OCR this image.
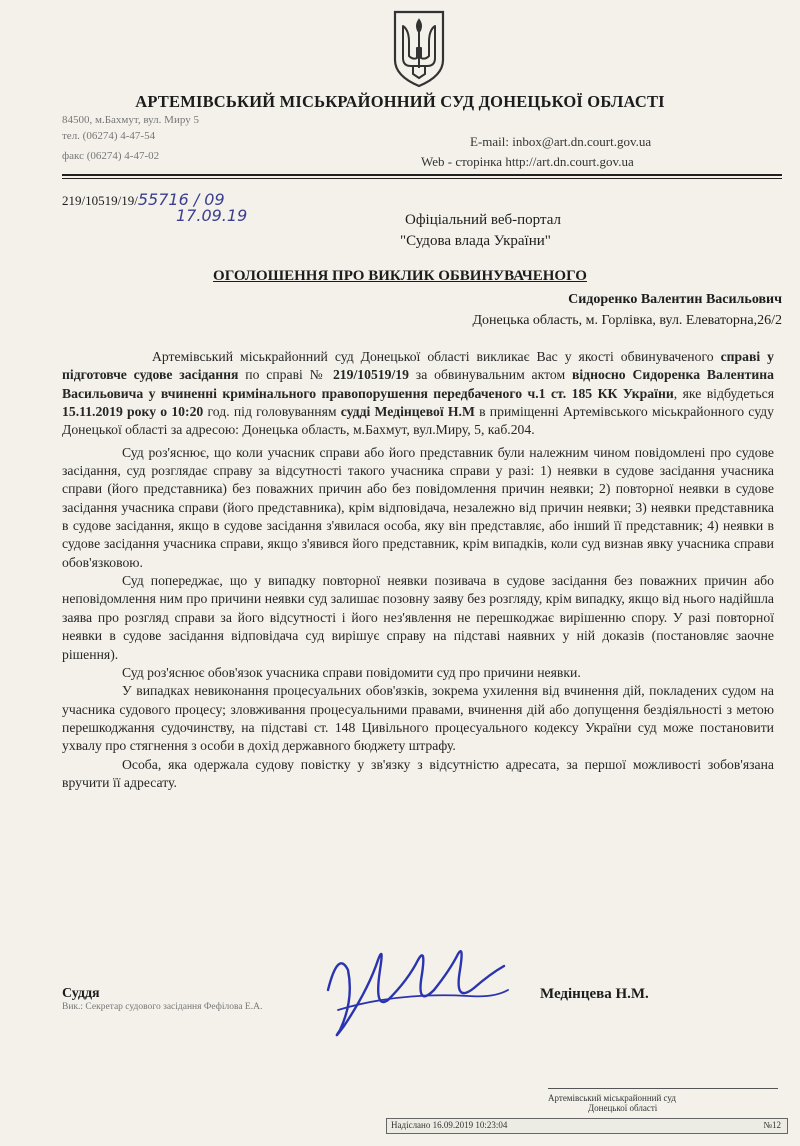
АРТЕМІВСЬКИЙ МІСЬКРАЙОННИЙ СУД ДОНЕЦЬКОЇ ОБЛАСТІ
84500, м.Бахмут, вул. Миру 5
тел. (06274) 4-47-54
факс (06274) 4-47-02
E-mail: inbox@art.dn.court.gov.ua
Web - сторінка http://art.dn.court.gov.ua
219/10519/19/55716 / 09
17.09.19	Офіціальний веб-портал
"Судова влада України"
ОГОЛОШЕННЯ ПРО ВИКЛИК ОБВИНУВАЧЕНОГО
Сидоренко Валентин Васильович
Донецька область, м. Горлівка, вул. Елеваторна,26/2

Артемівський міськрайонний суд Донецької області викликає Вас у якості обвинуваченого справі у підготовче судове засідання по справі № 219/10519/19 за обвинувальним актом відносно Сидоренка Валентина Васильовича у вчиненні кримінального правопорушення передбаченого ч.1 ст. 185 КК України, яке відбудеться 15.11.2019 року о 10:20 год. під головуванням судді Медінцевої Н.М в приміщенні Артемівського міськрайонного суду Донецької області за адресою: Донецька область, м.Бахмут, вул.Миру, 5, каб.204.

Суд роз'яснює, що коли учасник справи або його представник були належним чином повідомлені про судове засідання, суд розглядає справу за відсутності такого учасника справи у разі: 1) неявки в судове засідання учасника справи (його представника) без поважних причин або без повідомлення причин неявки; 2) повторної неявки в судове засідання учасника справи (його представника), крім відповідача, незалежно від причин неявки; 3) неявки представника в судове засідання, якщо в судове засідання з'явилася особа, яку він представляє, або інший її представник; 4) неявки в судове засідання учасника справи, якщо з'явився його представник, крім випадків, коли суд визнав явку учасника справи обов'язковою.

Суд попереджає, що у випадку повторної неявки позивача в судове засідання без поважних причин або неповідомлення ним про причини неявки суд залишає позовну заяву без розгляду, крім випадку, якщо від нього надійшла заява про розгляд справи за його відсутності і його нез'явлення не перешкоджає вирішенню спору. У разі повторної неявки в судове засідання відповідача суд вирішує справу на підставі наявних у ній доказів (постановляє заочне рішення).

Суд роз'яснює обов'язок учасника справи повідомити суд про причини неявки.

У випадках невиконання процесуальних обов'язків, зокрема ухилення від вчинення дій, покладених судом на учасника судового процесу; зловживання процесуальними правами, вчинення дій або допущення бездіяльності з метою перешкоджання судочинству, на підставі ст. 148 Цивільного процесуального кодексу України суд може постановити ухвалу про стягнення з особи в дохід державного бюджету штрафу.

Особа, яка одержала судову повістку у зв'язку з відсутністю адресата, за першої можливості зобов'язана вручити її адресату.

Суддя
Вик.: Секретар судового засідання Фефілова Е.А.
Медінцева Н.М.
Артемівський міськрайонний суд
Донецької області
Надіслано 16.09.2019 10:23:04	№12
